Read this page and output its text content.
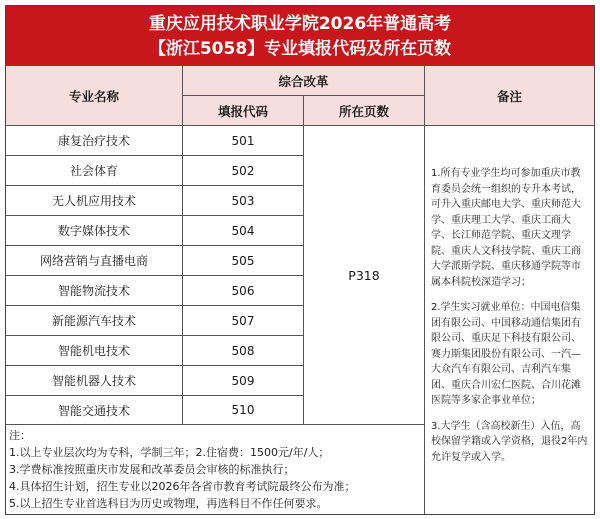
重庆应用技术职业学院2026年普通高考
【浙江5058】专业填报代码及所在页数
专业名称
综合改革
填报代码	所在页数
备注
康复治疗技术	501
社会体育	502
无人机应用技术	503
数字媒体技术	504
网络营销与直播电商	505
智能物流技术	506
新能源汽车技术	507
智能机电技术	508
智能机器人技术	509
智能交通技术	510
P318

1.所有专业学生均可参加重庆市教育委员会统一组织的专升本考试，可升入重庆邮电大学、重庆师范大学、重庆理工大学、重庆工商大学、长江师范学院、重庆文理学院、重庆人文科技学院、重庆工商大学派斯学院、重庆移通学院等市属本科院校深造学习；

2.学生实习就业单位：中国电信集团有限公司、中国移动通信集团有限公司、重庆足下科技有限公司、赛力斯集团股份有限公司、一汽—大众汽车有限公司、吉利汽车集团、重庆合川宏仁医院、合川花滩医院等多家企事业单位；

3.大学生（含高校新生）入伍，高校保留学籍或入学资格，退役2年内允许复学或入学。

注：
1.以上专业层次均为专科，学制三年；2.住宿费：1500元/年/人；
3.学费标准按照重庆市发展和改革委员会审核的标准执行；
4.具体招生计划，招生专业以2026年各省市教育考试院最终公布为准；
5.以上招生专业首选科目为历史或物理，再选科目不作任何要求。
